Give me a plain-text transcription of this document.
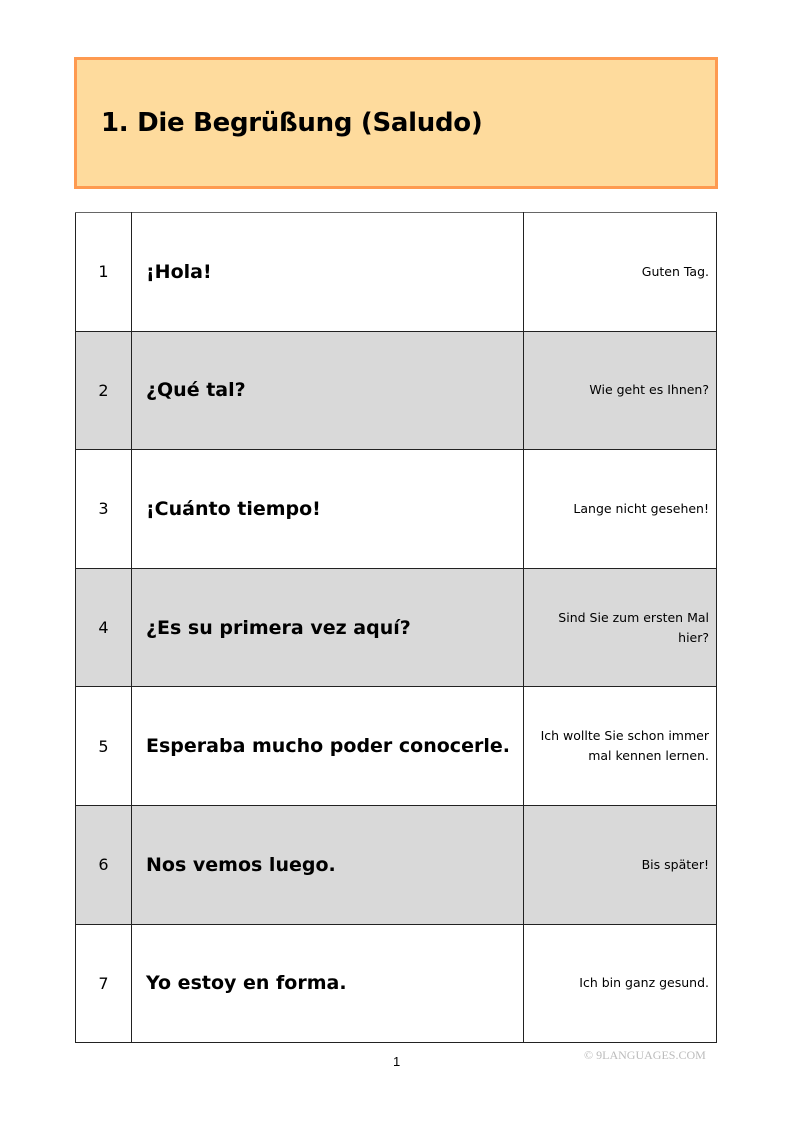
1. Die Begrüßung (Saludo)
1	¡Hola!	Guten Tag.
2	¿Qué tal?	Wie geht es Ihnen?
3	¡Cuánto tiempo!	Lange nicht gesehen!
4	¿Es su primera vez aquí?	Sind Sie zum ersten Mal hier?
5	Esperaba mucho poder conocerle.	Ich wollte Sie schon immer mal kennen lernen.
6	Nos vemos luego.	Bis später!
7	Yo estoy en forma.	Ich bin ganz gesund.
1	© 9LANGUAGES.COM
